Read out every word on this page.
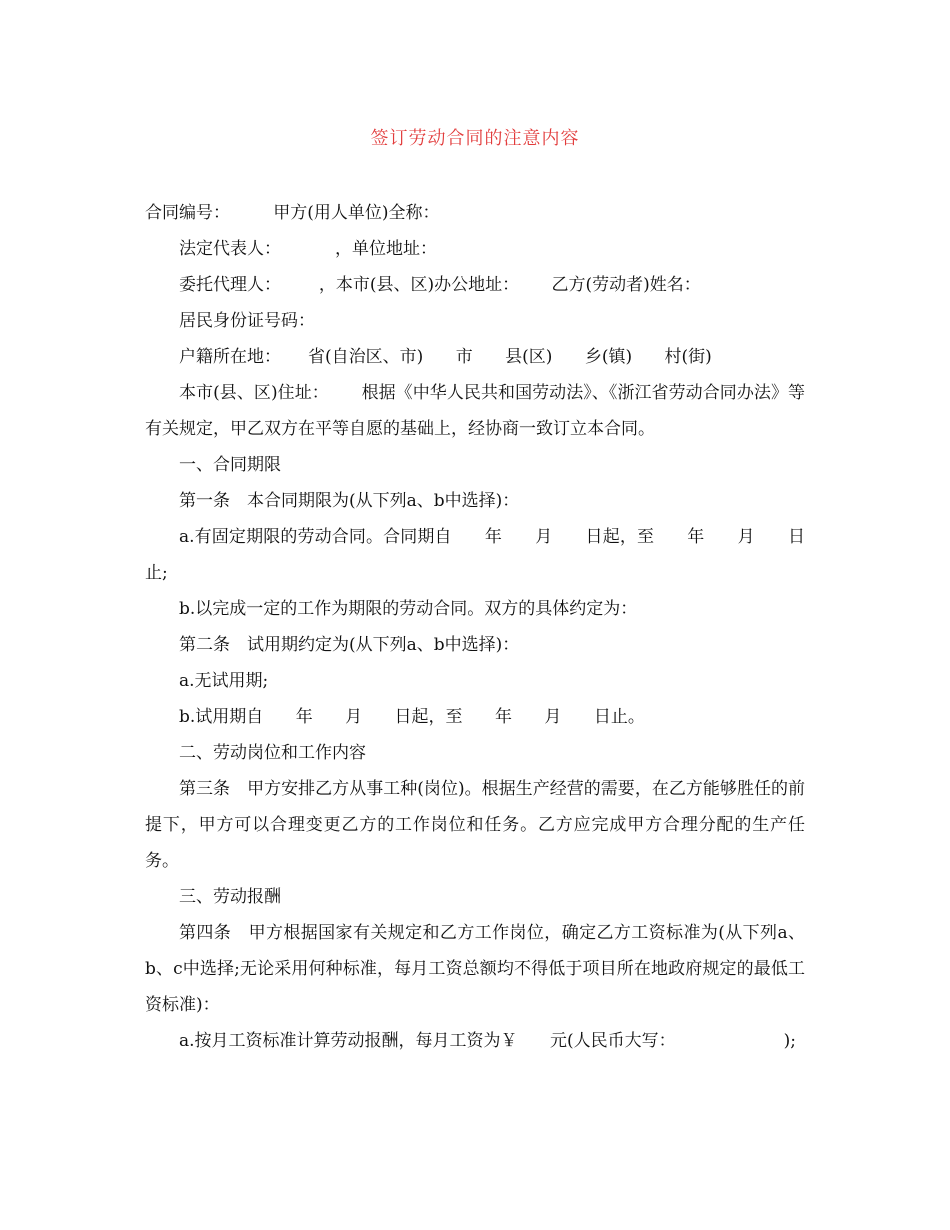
签订劳动合同的注意内容

合同编号：        甲方(用人单位)全称：

法定代表人：          ，单位地址：

委托代理人：       ，本市(县、区)办公地址：      乙方(劳动者)姓名：

居民身份证号码：

户籍所在地：     省(自治区、市)      市      县(区)      乡(镇)      村(街)

本市(县、区)住址：      根据《中华人民共和国劳动法》、《浙江省劳动合同办法》等有关规定，甲乙双方在平等自愿的基础上，经协商一致订立本合同。

一、合同期限

第一条　本合同期限为(从下列a、b中选择)：

a.有固定期限的劳动合同。合同期自      年      月      日起，至      年      月      日止;

b.以完成一定的工作为期限的劳动合同。双方的具体约定为：

第二条　试用期约定为(从下列a、b中选择)：

a.无试用期;

b.试用期自      年      月      日起，至      年      月      日止。

二、劳动岗位和工作内容

第三条　甲方安排乙方从事工种(岗位)。根据生产经营的需要，在乙方能够胜任的前提下，甲方可以合理变更乙方的工作岗位和任务。乙方应完成甲方合理分配的生产任务。

三、劳动报酬

第四条　甲方根据国家有关规定和乙方工作岗位，确定乙方工资标准为(从下列a、b、c中选择;无论采用何种标准，每月工资总额均不得低于项目所在地政府规定的最低工资标准)：

a.按月工资标准计算劳动报酬，每月工资为￥      元(人民币大写：                    );
